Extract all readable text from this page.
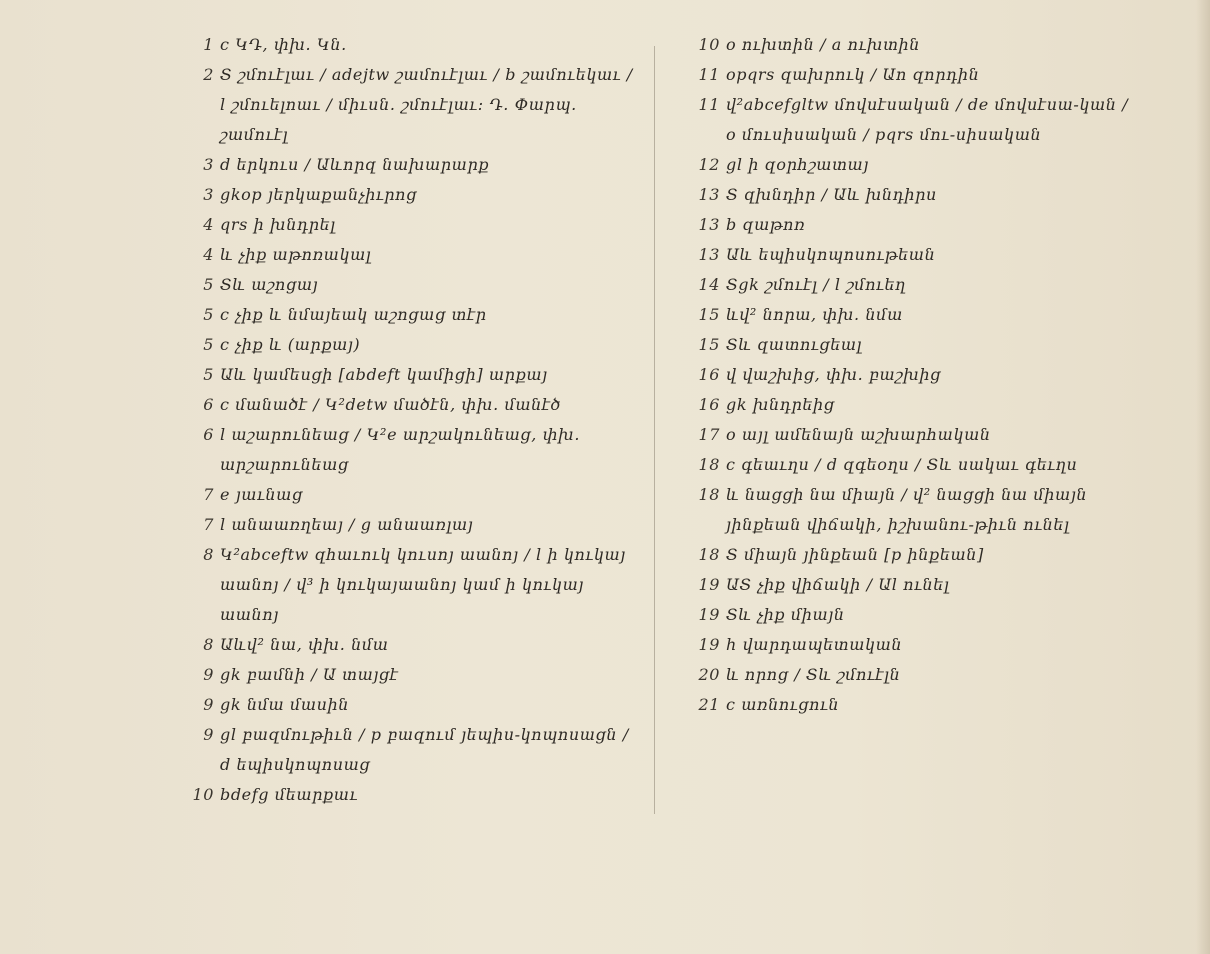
1 c ԿԴ, փխ. Կն.
2 Տ շմուէլաւ / adejtw շամուէլաւ / b շամուեկաւ / l շմուելոաւ / միւսն. շմուէլաւ: Դ. Փարպ. շամուէլ
3 d երկուս / Աևորզ նախարարք
3 gkop յերկաքանչիւրոց
4 qrs ի խնդրել
4 և չիք աթոռակալ
5 Տև աշոցայ
5 c չիք և նմայեակ աշոցաց տէր
5 c չիք և (արքայ)
5 Աև կամեսցի [abdeft կամիցի] արքայ
6 c մանածէ / Կ²detw մածէն, փխ. մանէծ
6 l աշարունեաց / Կ²e արշակունեաց, փխ. արշարունեաց
7 e յաւնաց
7 l անաառղեայ / g անաառլայ
8 Կ²abceftw զհաւուկ կուսոյ աանոյ / l ի կուկայ աանոյ / վ³ ի կուկայաանոյ կամ ի կուկայ աանոյ
8 Աևվ² նա, փխ. նմա
9 gk բամնի / Ա տայցէ
9 gk նմա մասին
9 gl բազմութիւն / p բազում յեպիս-կոպոսացն / d եպիսկոպոսաց
10 bdefg մեարքաւ
10 o ուխտին / a ուխտին
11 opqrs զախրուկ / Աո զորդին
11 վ²abcefgltw մովսէսական / de մովսէսա-կան / o մուսիսական / pqrs մու-սիսական
12 gl ի զօրհշատայ
13 Տ զխնդիր / Աև խնդիրս
13 b զաթոռ
13 Աև եպիսկոպոսութեան
14 Տgk շմուէլ / l շմուեղ
15 ևվ² նորա, փխ. նմա
15 Տև զատուցեալ
16 վ վաշխից, փխ. բաշխից
16 gk խնդրեից
17 o այլ ամենայն աշխարհական
18 c գեաւղս / d զգեօղս / Տև սակաւ գեւղս
18 և նացցի նա միայն / վ² նացցի նա միայն յինքեան վիճակի, իշխանու-թիւն ունել
18 Տ միայն յինքեան [p ինքեան]
19 ԱՏ չիք վիճակի / Աl ունել
19 Տև չիք միայն
19 h վարդապետական
20 և որոց / Տև շմուէլն
21 c առնուցուն
